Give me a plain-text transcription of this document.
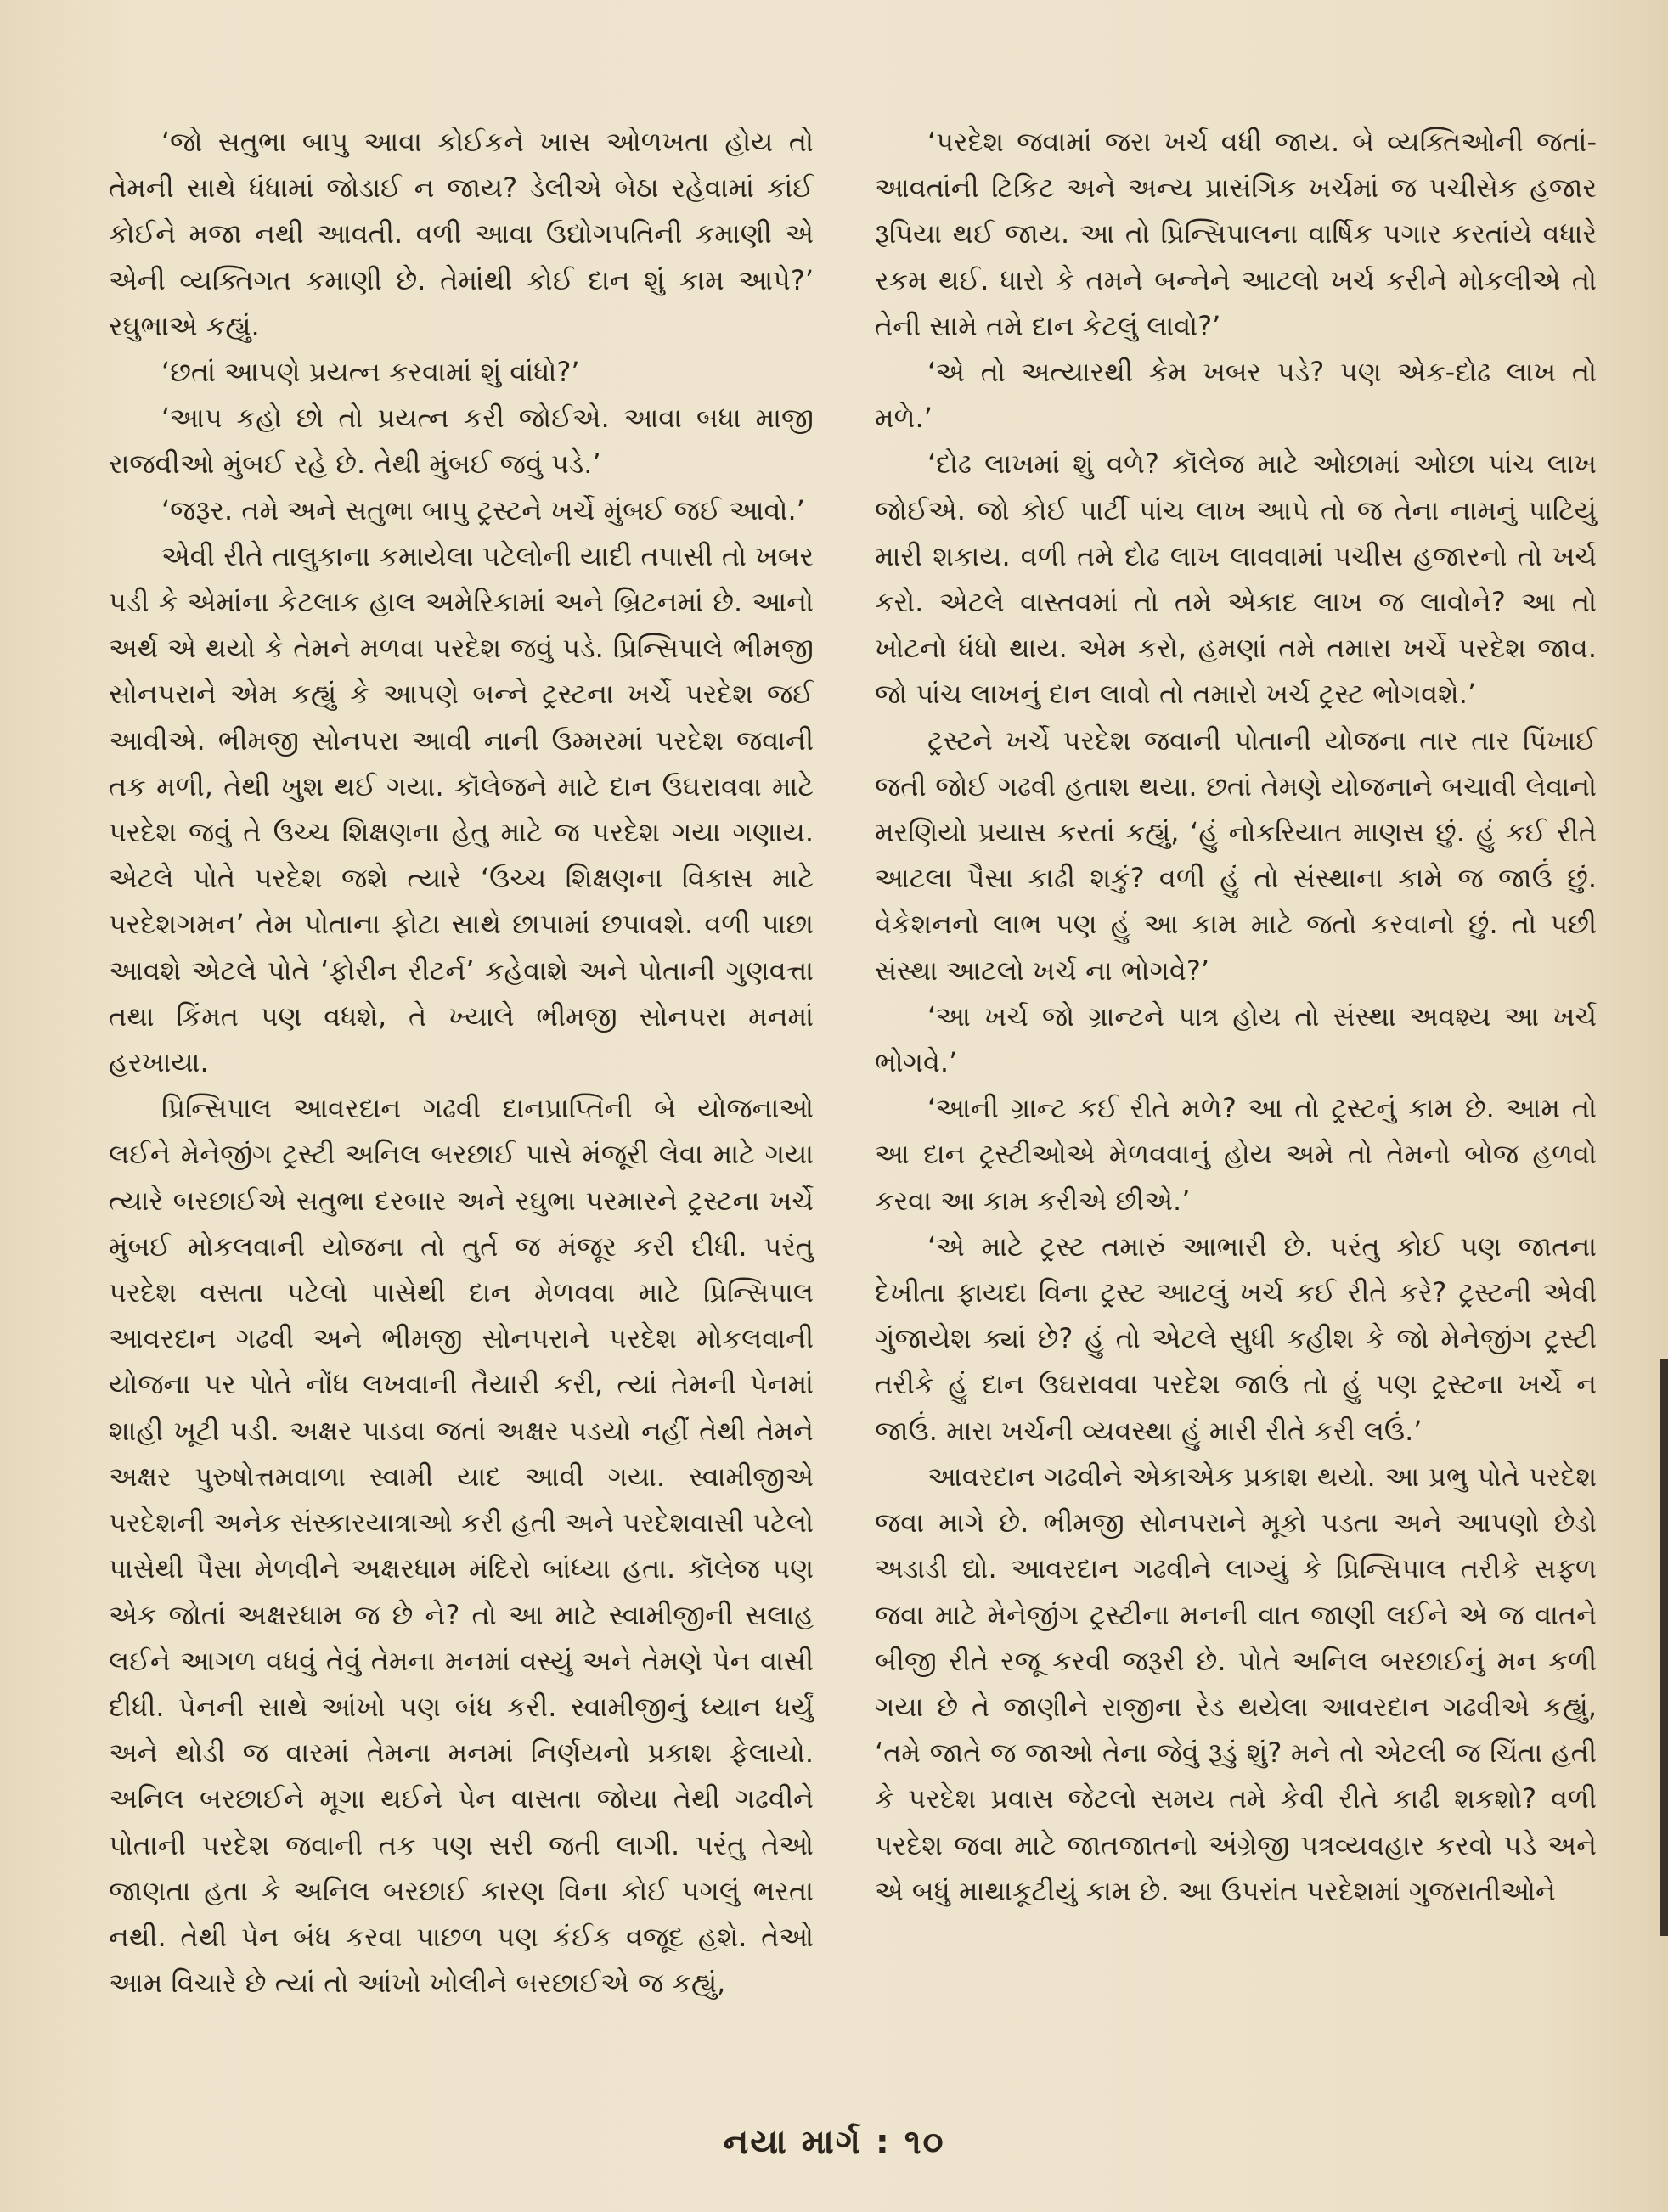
‘જો સતુભા બાપુ આવા કોઈકને ખાસ ઓળખતા હોય તો તેમની સાથે ધંધામાં જોડાઈ ન જાય? ડેલીએ બેઠા રહેવામાં કાંઈ કોઈને મજા નથી આવતી. વળી આવા ઉદ્યોગપતિની કમાણી એ એની વ્યક્તિગત કમાણી છે. તેમાંથી કોઈ દાન શું કામ આપે?’ રઘુભાએ કહ્યું.

‘છતાં આપણે પ્રયત્ન કરવામાં શું વાંધો?’

‘આપ કહો છો તો પ્રયત્ન કરી જોઈએ. આવા બધા માજી રાજવીઓ મુંબઈ રહે છે. તેથી મુંબઈ જવું પડે.’

‘જરૂર. તમે અને સતુભા બાપુ ટ્રસ્ટને ખર્ચે મુંબઈ જઈ આવો.’

એવી રીતે તાલુકાના કમાયેલા પટેલોની યાદી તપાસી તો ખબર પડી કે એમાંના કેટલાક હાલ અમેરિકામાં અને બ્રિટનમાં છે. આનો અર્થ એ થયો કે તેમને મળવા પરદેશ જવું પડે. પ્રિન્સિપાલે ભીમજી સોનપરાને એમ કહ્યું કે આપણે બન્ને ટ્રસ્ટના ખર્ચે પરદેશ જઈ આવીએ. ભીમજી સોનપરા આવી નાની ઉમ્મરમાં પરદેશ જવાની તક મળી, તેથી ખુશ થઈ ગયા. કૉલેજને માટે દાન ઉઘરાવવા માટે પરદેશ જવું તે ઉચ્ચ શિક્ષણના હેતુ માટે જ પરદેશ ગયા ગણાય. એટલે પોતે પરદેશ જશે ત્યારે ‘ઉચ્ચ શિક્ષણના વિકાસ માટે પરદેશગમન’ તેમ પોતાના ફોટા સાથે છાપામાં છપાવશે. વળી પાછા આવશે એટલે પોતે ‘ફોરીન રીટર્ન’ કહેવાશે અને પોતાની ગુણવત્તા તથા કિંમત પણ વધશે, તે ખ્યાલે ભીમજી સોનપરા મનમાં હરખાયા.

પ્રિન્સિપાલ આવરદાન ગઢવી દાનપ્રાપ્તિની બે યોજનાઓ લઈને મેનેજીંગ ટ્રસ્ટી અનિલ બરછાઈ પાસે મંજૂરી લેવા માટે ગયા ત્યારે બરછાઈએ સતુભા દરબાર અને રઘુભા પરમારને ટ્રસ્ટના ખર્ચે મુંબઈ મોકલવાની યોજના તો તુર્ત જ મંજૂર કરી દીધી. પરંતુ પરદેશ વસતા પટેલો પાસેથી દાન મેળવવા માટે પ્રિન્સિપાલ આવરદાન ગઢવી અને ભીમજી સોનપરાને પરદેશ મોકલવાની યોજના પર પોતે નોંધ લખવાની તૈયારી કરી, ત્યાં તેમની પેનમાં શાહી ખૂટી પડી. અક્ષર પાડવા જતાં અક્ષર પડયો નહીં તેથી તેમને અક્ષર પુરુષોત્તમવાળા સ્વામી યાદ આવી ગયા. સ્વામીજીએ પરદેશની અનેક સંસ્કારયાત્રાઓ કરી હતી અને પરદેશવાસી પટેલો પાસેથી પૈસા મેળવીને અક્ષરધામ મંદિરો બાંધ્યા હતા. કૉલેજ પણ એક જોતાં અક્ષરધામ જ છે ને? તો આ માટે સ્વામીજીની સલાહ લઈને આગળ વધવું તેવું તેમના મનમાં વસ્યું અને તેમણે પેન વાસી દીધી. પેનની સાથે આંખો પણ બંધ કરી. સ્વામીજીનું ધ્યાન ધર્યું અને થોડી જ વારમાં તેમના મનમાં નિર્ણયનો પ્રકાશ ફેલાયો. અનિલ બરછાઈને મૂગા થઈને પેન વાસતા જોયા તેથી ગઢવીને પોતાની પરદેશ જવાની તક પણ સરી જતી લાગી. પરંતુ તેઓ જાણતા હતા કે અનિલ બરછાઈ કારણ વિના કોઈ પગલું ભરતા નથી. તેથી પેન બંધ કરવા પાછળ પણ કંઈક વજૂદ હશે. તેઓ આમ વિચારે છે ત્યાં તો આંખો ખોલીને બરછાઈએ જ કહ્યું,

‘પરદેશ જવામાં જરા ખર્ચ વધી જાય. બે વ્યક્તિઓની જતાં-આવતાંની ટિકિટ અને અન્ય પ્રાસંગિક ખર્ચમાં જ પચીસેક હજાર રૂપિયા થઈ જાય. આ તો પ્રિન્સિપાલના વાર્ષિક પગાર કરતાંયે વધારે રકમ થઈ. ધારો કે તમને બન્નેને આટલો ખર્ચ કરીને મોકલીએ તો તેની સામે તમે દાન કેટલું લાવો?’

‘એ તો અત્યારથી કેમ ખબર પડે? પણ એક-દોઢ લાખ તો મળે.’

‘દોઢ લાખમાં શું વળે? કૉલેજ માટે ઓછામાં ઓછા પાંચ લાખ જોઈએ. જો કોઈ પાર્ટી પાંચ લાખ આપે તો જ તેના નામનું પાટિયું મારી શકાય. વળી તમે દોઢ લાખ લાવવામાં પચીસ હજારનો તો ખર્ચ કરો. એટલે વાસ્તવમાં તો તમે એકાદ લાખ જ લાવોને? આ તો ખોટનો ધંધો થાય. એમ કરો, હમણાં તમે તમારા ખર્ચે પરદેશ જાવ. જો પાંચ લાખનું દાન લાવો તો તમારો ખર્ચ ટ્રસ્ટ ભોગવશે.’

ટ્રસ્ટને ખર્ચે પરદેશ જવાની પોતાની યોજના તાર તાર પિંખાઈ જતી જોઈ ગઢવી હતાશ થયા. છતાં તેમણે યોજનાને બચાવી લેવાનો મરણિયો પ્રયાસ કરતાં કહ્યું, ‘હું નોકરિયાત માણસ છું. હું કઈ રીતે આટલા પૈસા કાઢી શકું? વળી હું તો સંસ્થાના કામે જ જાઉં છું. વેકેશનનો લાભ પણ હું આ કામ માટે જતો કરવાનો છું. તો પછી સંસ્થા આટલો ખર્ચ ના ભોગવે?’

‘આ ખર્ચ જો ગ્રાન્ટને પાત્ર હોય તો સંસ્થા અવશ્ય આ ખર્ચ ભોગવે.’

‘આની ગ્રાન્ટ કઈ રીતે મળે? આ તો ટ્રસ્ટનું કામ છે. આમ તો આ દાન ટ્રસ્ટીઓએ મેળવવાનું હોય અમે તો તેમનો બોજ હળવો કરવા આ કામ કરીએ છીએ.’

‘એ માટે ટ્રસ્ટ તમારું આભારી છે. પરંતુ કોઈ પણ જાતના દેખીતા ફાયદા વિના ટ્રસ્ટ આટલું ખર્ચ કઈ રીતે કરે? ટ્રસ્ટની એવી ગુંજાયેશ ક્યાં છે? હું તો એટલે સુધી કહીશ કે જો મેનેજીંગ ટ્રસ્ટી તરીકે હું દાન ઉઘરાવવા પરદેશ જાઉં તો હું પણ ટ્રસ્ટના ખર્ચે ન જાઉં. મારા ખર્ચની વ્યવસ્થા હું મારી રીતે કરી લઉં.’

આવરદાન ગઢવીને એકાએક પ્રકાશ થયો. આ પ્રભુ પોતે પરદેશ જવા માગે છે. ભીમજી સોનપરાને મૂકો પડતા અને આપણો છેડો અડાડી દ્યો. આવરદાન ગઢવીને લાગ્યું કે પ્રિન્સિપાલ તરીકે સફળ જવા માટે મેનેજીંગ ટ્રસ્ટીના મનની વાત જાણી લઈને એ જ વાતને બીજી રીતે રજૂ કરવી જરૂરી છે. પોતે અનિલ બરછાઈનું મન કળી ગયા છે તે જાણીને રાજીના રેડ થયેલા આવરદાન ગઢવીએ કહ્યું, ‘તમે જાતે જ જાઓ તેના જેવું રૂડું શું? મને તો એટલી જ ચિંતા હતી કે પરદેશ પ્રવાસ જેટલો સમય તમે કેવી રીતે કાઢી શકશો? વળી પરદેશ જવા માટે જાતજાતનો અંગ્રેજી પત્રવ્યવહાર કરવો પડે અને એ બધું માથાકૂટીયું કામ છે. આ ઉપરાંત પરદેશમાં ગુજરાતીઓને

નયા માર્ગ : ૧૦
